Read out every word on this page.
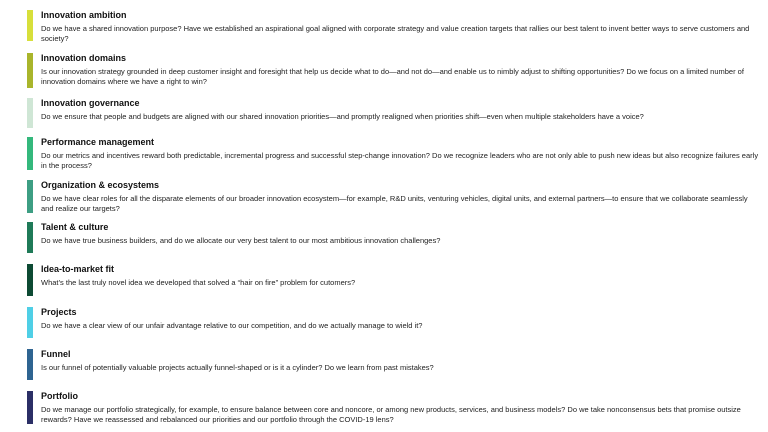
Innovation ambition

Do we have a shared innovation purpose? Have we established an aspirational goal aligned with corporate strategy and value creation targets that rallies our best talent to invent better ways to serve customers and society?

Innovation domains

Is our innovation strategy grounded in deep customer insight and foresight that help us decide what to do—and not do—and enable us to nimbly adjust to shifting opportunities? Do we focus on a limited number of innovation domains where we have a right to win?

Innovation governance

Do we ensure that people and budgets are aligned with our shared innovation priorities—and promptly realigned when priorities shift—even when multiple stakeholders have a voice?

Performance management

Do our metrics and incentives reward both predictable, incremental progress and successful step-change innovation? Do we recognize leaders who are not only able to push new ideas but also recognize failures early in the process?

Organization & ecosystems

Do we have clear roles for all the disparate elements of our broader innovation ecosystem—for example, R&D units, venturing vehicles, digital units, and external partners—to ensure that we collaborate seamlessly and realize our targets?

Talent & culture

Do we have true business builders, and do we allocate our very best talent to our most ambitious innovation challenges?

Idea-to-market fit

What’s the last truly novel idea we developed that solved a “hair on fire” problem for cutomers?

Projects

Do we have a clear view of our unfair advantage relative to our competition, and do we actually manage to wield it?

Funnel

Is our funnel of potentially valuable projects actually funnel-shaped or is it a cylinder? Do we learn from past mistakes?

Portfolio

Do we manage our portfolio strategically, for example, to ensure balance between core and noncore, or among new products, services, and business models? Do we take nonconsensus bets that promise outsize rewards? Have we reassessed and rebalanced our priorities and our portfolio through the COVID-19 lens?
